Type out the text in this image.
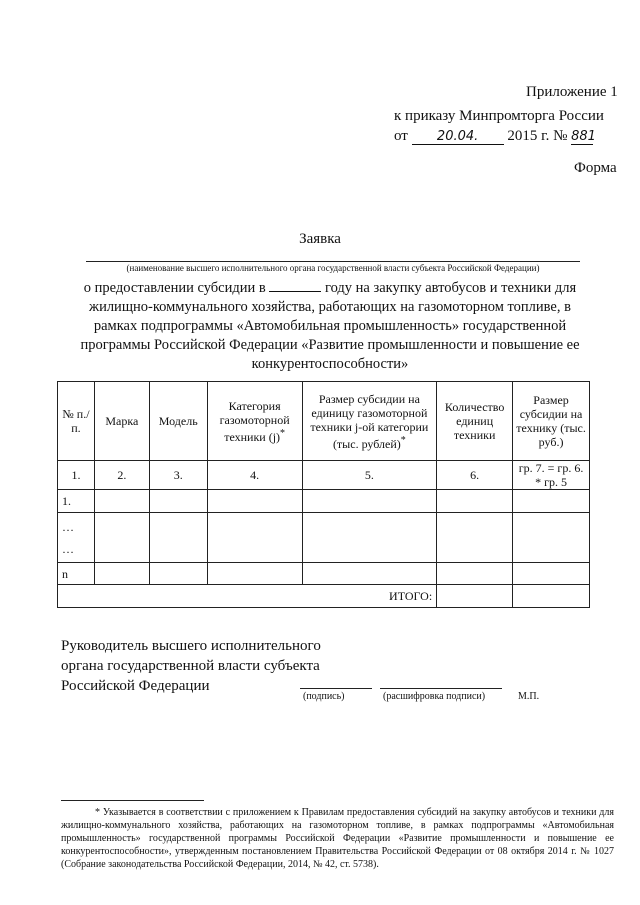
Приложение 1
к приказу Минпромторга России
от 20.04. 2015 г. № 881
Форма
Заявка
(наименование высшего исполнительного органа государственной власти субъекта Российской Федерации)
о предоставлении субсидии в	году на закупку автобусов и техники для жилищно-коммунального хозяйства, работающих на газомоторном топливе, в рамках подпрограммы «Автомобильная промышленность» государственной программы Российской Федерации «Развитие промышленности и повышение ее конкурентоспособности»
№ п./п.	Марка	Модель	Категория газомоторной техники (j)*	Размер субсидии на единицу газомоторной техники j-ой категории (тыс. рублей)*	Количество единиц техники	Размер субсидии на технику (тыс. руб.)
1.	2.	3.	4.	5.	6.	гр. 7. = гр. 6. * гр. 5
1.						

…
…						

n						
ИТОГО:						
Руководитель высшего исполнительного органа государственной власти субъекта Российской Федерации
(подпись)	(расшифровка подписи)	М.П.
* Указывается в соответствии с приложением к Правилам предоставления субсидий на закупку автобусов и техники для жилищно-коммунального хозяйства, работающих на газомоторном топливе, в рамках подпрограммы «Автомобильная промышленность» государственной программы Российской Федерации «Развитие промышленности и повышение ее конкурентоспособности», утвержденным постановлением Правительства Российской Федерации от 08 октября 2014 г. № 1027 (Собрание законодательства Российской Федерации, 2014, № 42, ст. 5738).
